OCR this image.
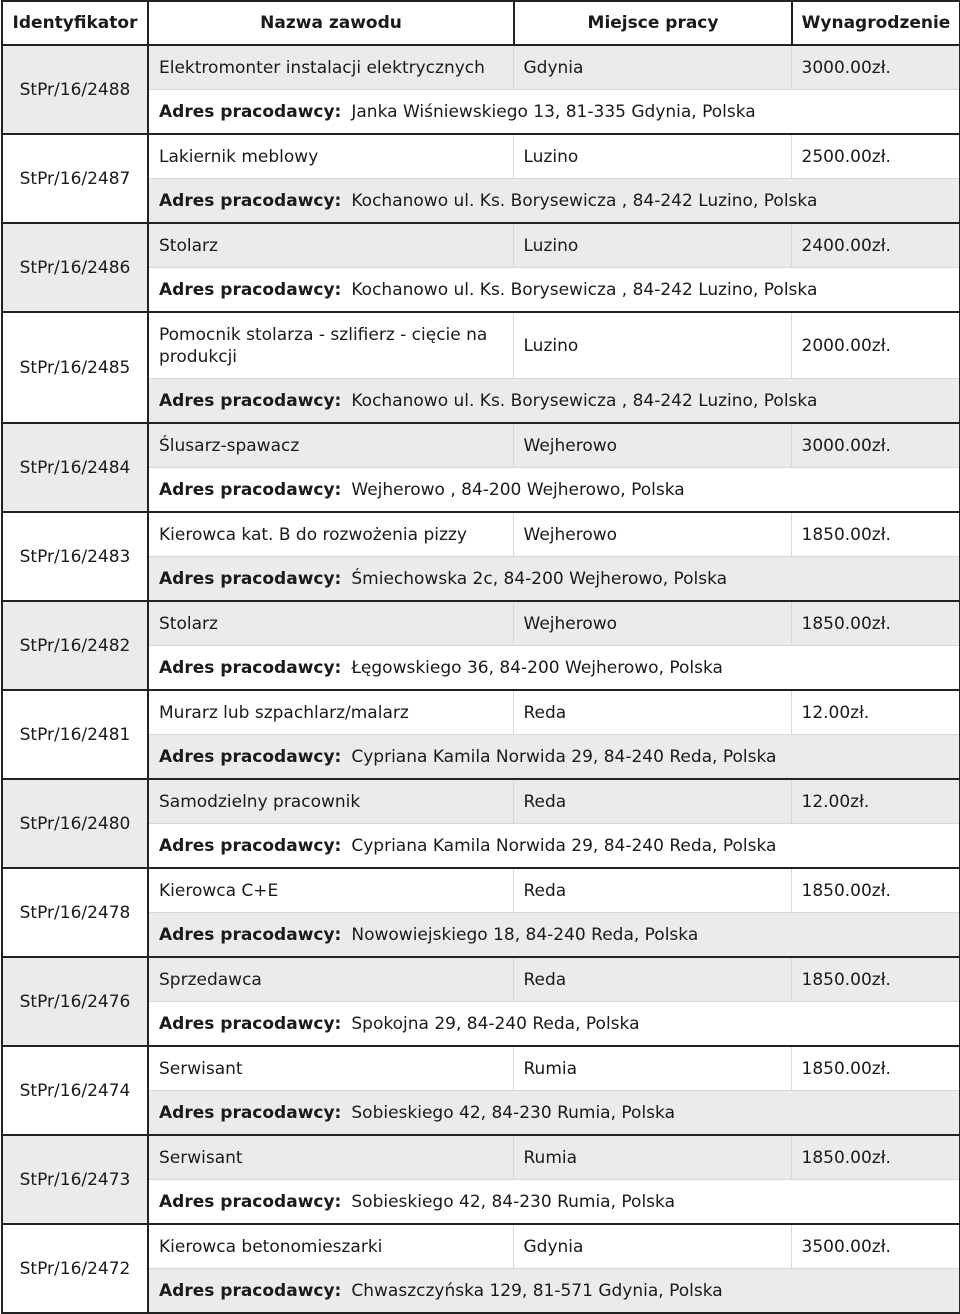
Identyfikator	Nazwa zawodu	Miejsce pracy	Wynagrodzenie
StPr/16/2488	
Elektromonter instalacji elektrycznych	Gdynia	3000.00zł.
Adres pracodawcy: Janka Wiśniewskiego 13, 81-335 Gdynia, Polska

StPr/16/2487	
Lakiernik meblowy	Luzino	2500.00zł.
Adres pracodawcy: Kochanowo ul. Ks. Borysewicza , 84-242 Luzino, Polska

StPr/16/2486	
Stolarz	Luzino	2400.00zł.
Adres pracodawcy: Kochanowo ul. Ks. Borysewicza , 84-242 Luzino, Polska

StPr/16/2485	
Pomocnik stolarza - szlifierz - cięcie na produkcji	Luzino	2000.00zł.
Adres pracodawcy: Kochanowo ul. Ks. Borysewicza , 84-242 Luzino, Polska

StPr/16/2484	
Ślusarz-spawacz	Wejherowo	3000.00zł.
Adres pracodawcy: Wejherowo , 84-200 Wejherowo, Polska

StPr/16/2483	
Kierowca kat. B do rozwożenia pizzy	Wejherowo	1850.00zł.
Adres pracodawcy: Śmiechowska 2c, 84-200 Wejherowo, Polska

StPr/16/2482	
Stolarz	Wejherowo	1850.00zł.
Adres pracodawcy: Łęgowskiego 36, 84-200 Wejherowo, Polska

StPr/16/2481	
Murarz lub szpachlarz/malarz	Reda	12.00zł.
Adres pracodawcy: Cypriana Kamila Norwida 29, 84-240 Reda, Polska

StPr/16/2480	
Samodzielny pracownik	Reda	12.00zł.
Adres pracodawcy: Cypriana Kamila Norwida 29, 84-240 Reda, Polska

StPr/16/2478	
Kierowca C+E	Reda	1850.00zł.
Adres pracodawcy: Nowowiejskiego 18, 84-240 Reda, Polska

StPr/16/2476	
Sprzedawca	Reda	1850.00zł.
Adres pracodawcy: Spokojna 29, 84-240 Reda, Polska

StPr/16/2474	
Serwisant	Rumia	1850.00zł.
Adres pracodawcy: Sobieskiego 42, 84-230 Rumia, Polska

StPr/16/2473	
Serwisant	Rumia	1850.00zł.
Adres pracodawcy: Sobieskiego 42, 84-230 Rumia, Polska

StPr/16/2472	
Kierowca betonomieszarki	Gdynia	3500.00zł.
Adres pracodawcy: Chwaszczyńska 129, 81-571 Gdynia, Polska
